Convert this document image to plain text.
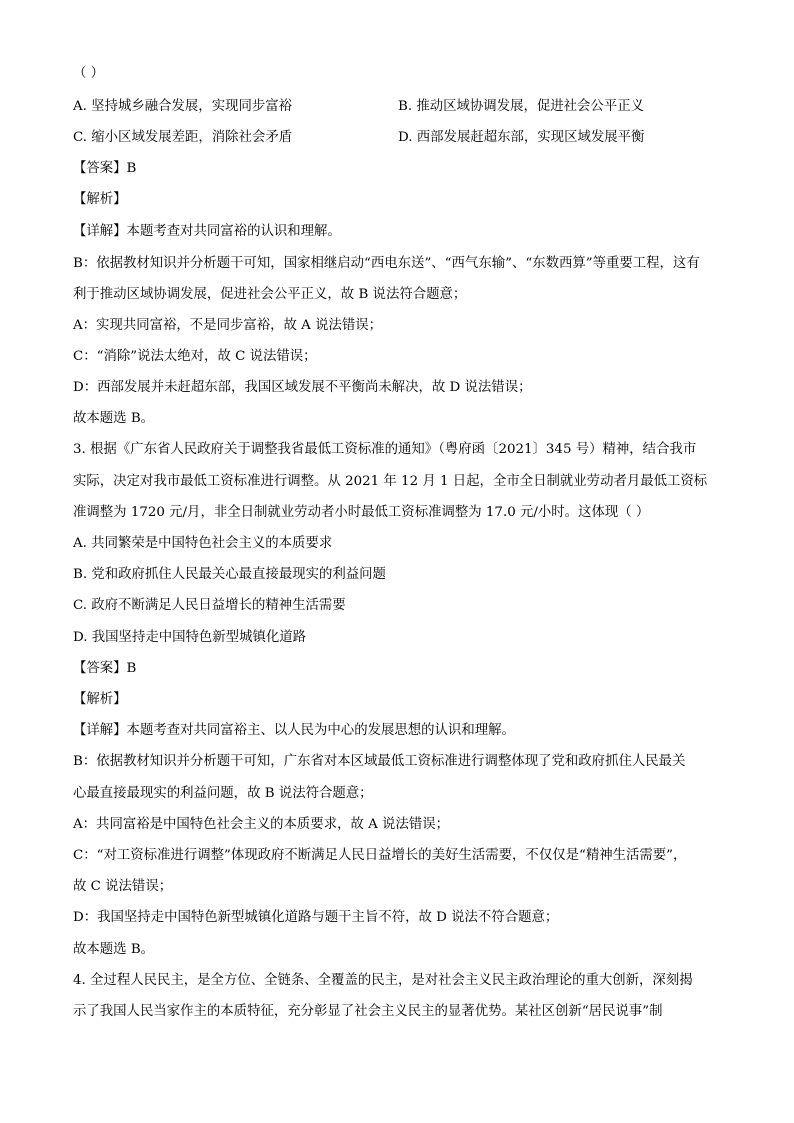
（ ）
A. 坚持城乡融合发展，实现同步富裕	B. 推动区域协调发展，促进社会公平正义
C. 缩小区域发展差距，消除社会矛盾	D. 西部发展赶超东部，实现区域发展平衡
【答案】B
【解析】
【详解】本题考查对共同富裕的认识和理解。
B：依据教材知识并分析题干可知，国家相继启动“西电东送”、“西气东输”、“东数西算”等重要工程，这有
利于推动区域协调发展，促进社会公平正义，故 B 说法符合题意；
A：实现共同富裕，不是同步富裕，故 A 说法错误；
C：“消除”说法太绝对，故 C 说法错误；
D：西部发展并未赶超东部，我国区域发展不平衡尚未解决，故 D 说法错误；
故本题选 B。
3. 根据《广东省人民政府关于调整我省最低工资标准的通知》（粤府函〔2021〕345 号）精神，结合我市
实际，决定对我市最低工资标准进行调整。从 2021 年 12 月 1 日起，全市全日制就业劳动者月最低工资标
准调整为 1720 元/月，非全日制就业劳动者小时最低工资标准调整为 17.0 元/小时。这体现（ ）
A. 共同繁荣是中国特色社会主义的本质要求
B. 党和政府抓住人民最关心最直接最现实的利益问题
C. 政府不断满足人民日益增长的精神生活需要
D. 我国坚持走中国特色新型城镇化道路
【答案】B
【解析】
【详解】本题考查对共同富裕主、以人民为中心的发展思想的认识和理解。
B：依据教材知识并分析题干可知，广东省对本区域最低工资标准进行调整体现了党和政府抓住人民最关
心最直接最现实的利益问题，故 B 说法符合题意；
A：共同富裕是中国特色社会主义的本质要求，故 A 说法错误；
C：“对工资标准进行调整”体现政府不断满足人民日益增长的美好生活需要，不仅仅是“精神生活需要”，
故 C 说法错误；
D：我国坚持走中国特色新型城镇化道路与题干主旨不符，故 D 说法不符合题意；
故本题选 B。
4. 全过程人民民主，是全方位、全链条、全覆盖的民主，是对社会主义民主政治理论的重大创新，深刻揭
示了我国人民当家作主的本质特征，充分彰显了社会主义民主的显著优势。某社区创新“居民说事”制
